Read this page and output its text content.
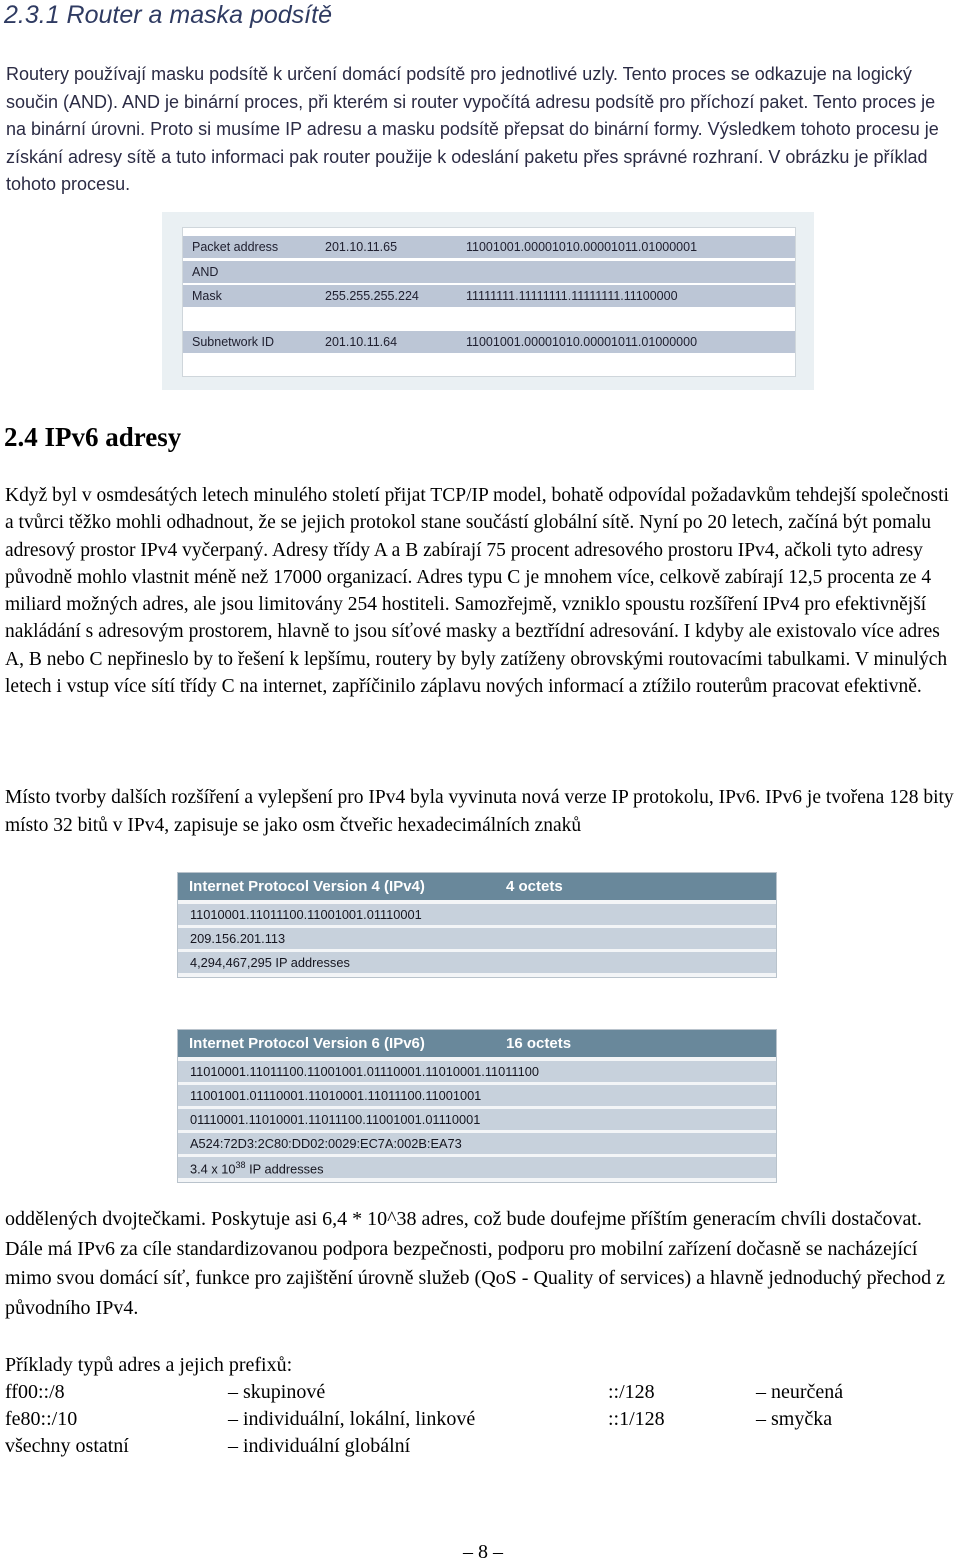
2.3.1 Router a maska podsítě

Routery používají masku podsítě k určení domácí podsítě pro jednotlivé uzly. Tento proces se odkazuje na logický součin (AND). AND je binární proces, při kterém si router vypočítá adresu podsítě pro příchozí paket. Tento proces je na binární úrovni. Proto si musíme IP adresu a masku podsítě přepsat do binární formy. Výsledkem tohoto procesu je získání adresy sítě a tuto informaci pak router použije k odeslání paketu přes správné rozhraní. V obrázku je příklad tohoto procesu.

Packet address	201.10.11.65	11001001.00001010.00001011.01000001
AND
Mask	255.255.255.224	11111111.11111111.11111111.11100000
Subnetwork ID	201.10.11.64	11001001.00001010.00001011.01000000
2.4 IPv6 adresy

Když byl v osmdesátých letech minulého století přijat TCP/IP model, bohatě odpovídal požadavkům tehdejší společnosti a tvůrci těžko mohli odhadnout, že se jejich protokol stane součástí globální sítě. Nyní po 20 letech, začíná být pomalu adresový prostor IPv4 vyčerpaný. Adresy třídy A a B zabírají 75 procent adresového prostoru IPv4, ačkoli tyto adresy původně mohlo vlastnit méně než 17000 organizací. Adres typu C je mnohem více, celkově zabírají 12,5 procenta ze 4 miliard možných adres, ale jsou limitovány 254 hostiteli. Samozřejmě, vzniklo spoustu rozšíření IPv4 pro efektivnější nakládání s adresovým prostorem, hlavně to jsou síťové masky a beztřídní adresování. I kdyby ale existovalo více adres A, B nebo C nepřineslo by to řešení k lepšímu, routery by byly zatíženy obrovskými routovacími tabulkami. V minulých letech i vstup více sítí třídy C na internet, zapříčinilo záplavu nových informací a ztížilo routerům pracovat efektivně.

Místo tvorby dalších rozšíření a vylepšení pro IPv4 byla vyvinuta nová verze IP protokolu, IPv6. IPv6 je tvořena 128 bity místo 32 bitů v IPv4, zapisuje se jako osm čtveřic hexadecimálních znaků

Internet Protocol Version 4 (IPv4)	4 octets
11010001.11011100.11001001.01110001
209.156.201.113
4,294,467,295 IP addresses
Internet Protocol Version 6 (IPv6)	16 octets
11010001.11011100.11001001.01110001.11010001.11011100
11001001.01110001.11010001.11011100.11001001
01110001.11010001.11011100.11001001.01110001
A524:72D3:2C80:DD02:0029:EC7A:002B:EA73
3.4 x $10^{38}$ IP addresses

oddělených dvojtečkami. Poskytuje asi 6,4 * 10^38 adres, což bude doufejme příštím generacím chvíli dostačovat. Dále má IPv6 za cíle standardizovanou podpora bezpečnosti, podporu pro mobilní zařízení dočasně se nacházející mimo svou domácí síť, funkce pro zajištění úrovně služeb (QoS - Quality of services) a hlavně jednoduchý přechod z původního IPv4.

Příklady typů adres a jejich prefixů:

ff00::/8	– skupinové	::/128	– neurčená
fe80::/10	– individuální, lokální, linkové	::1/128	– smyčka
všechny ostatní	– individuální globální

– 8 –
